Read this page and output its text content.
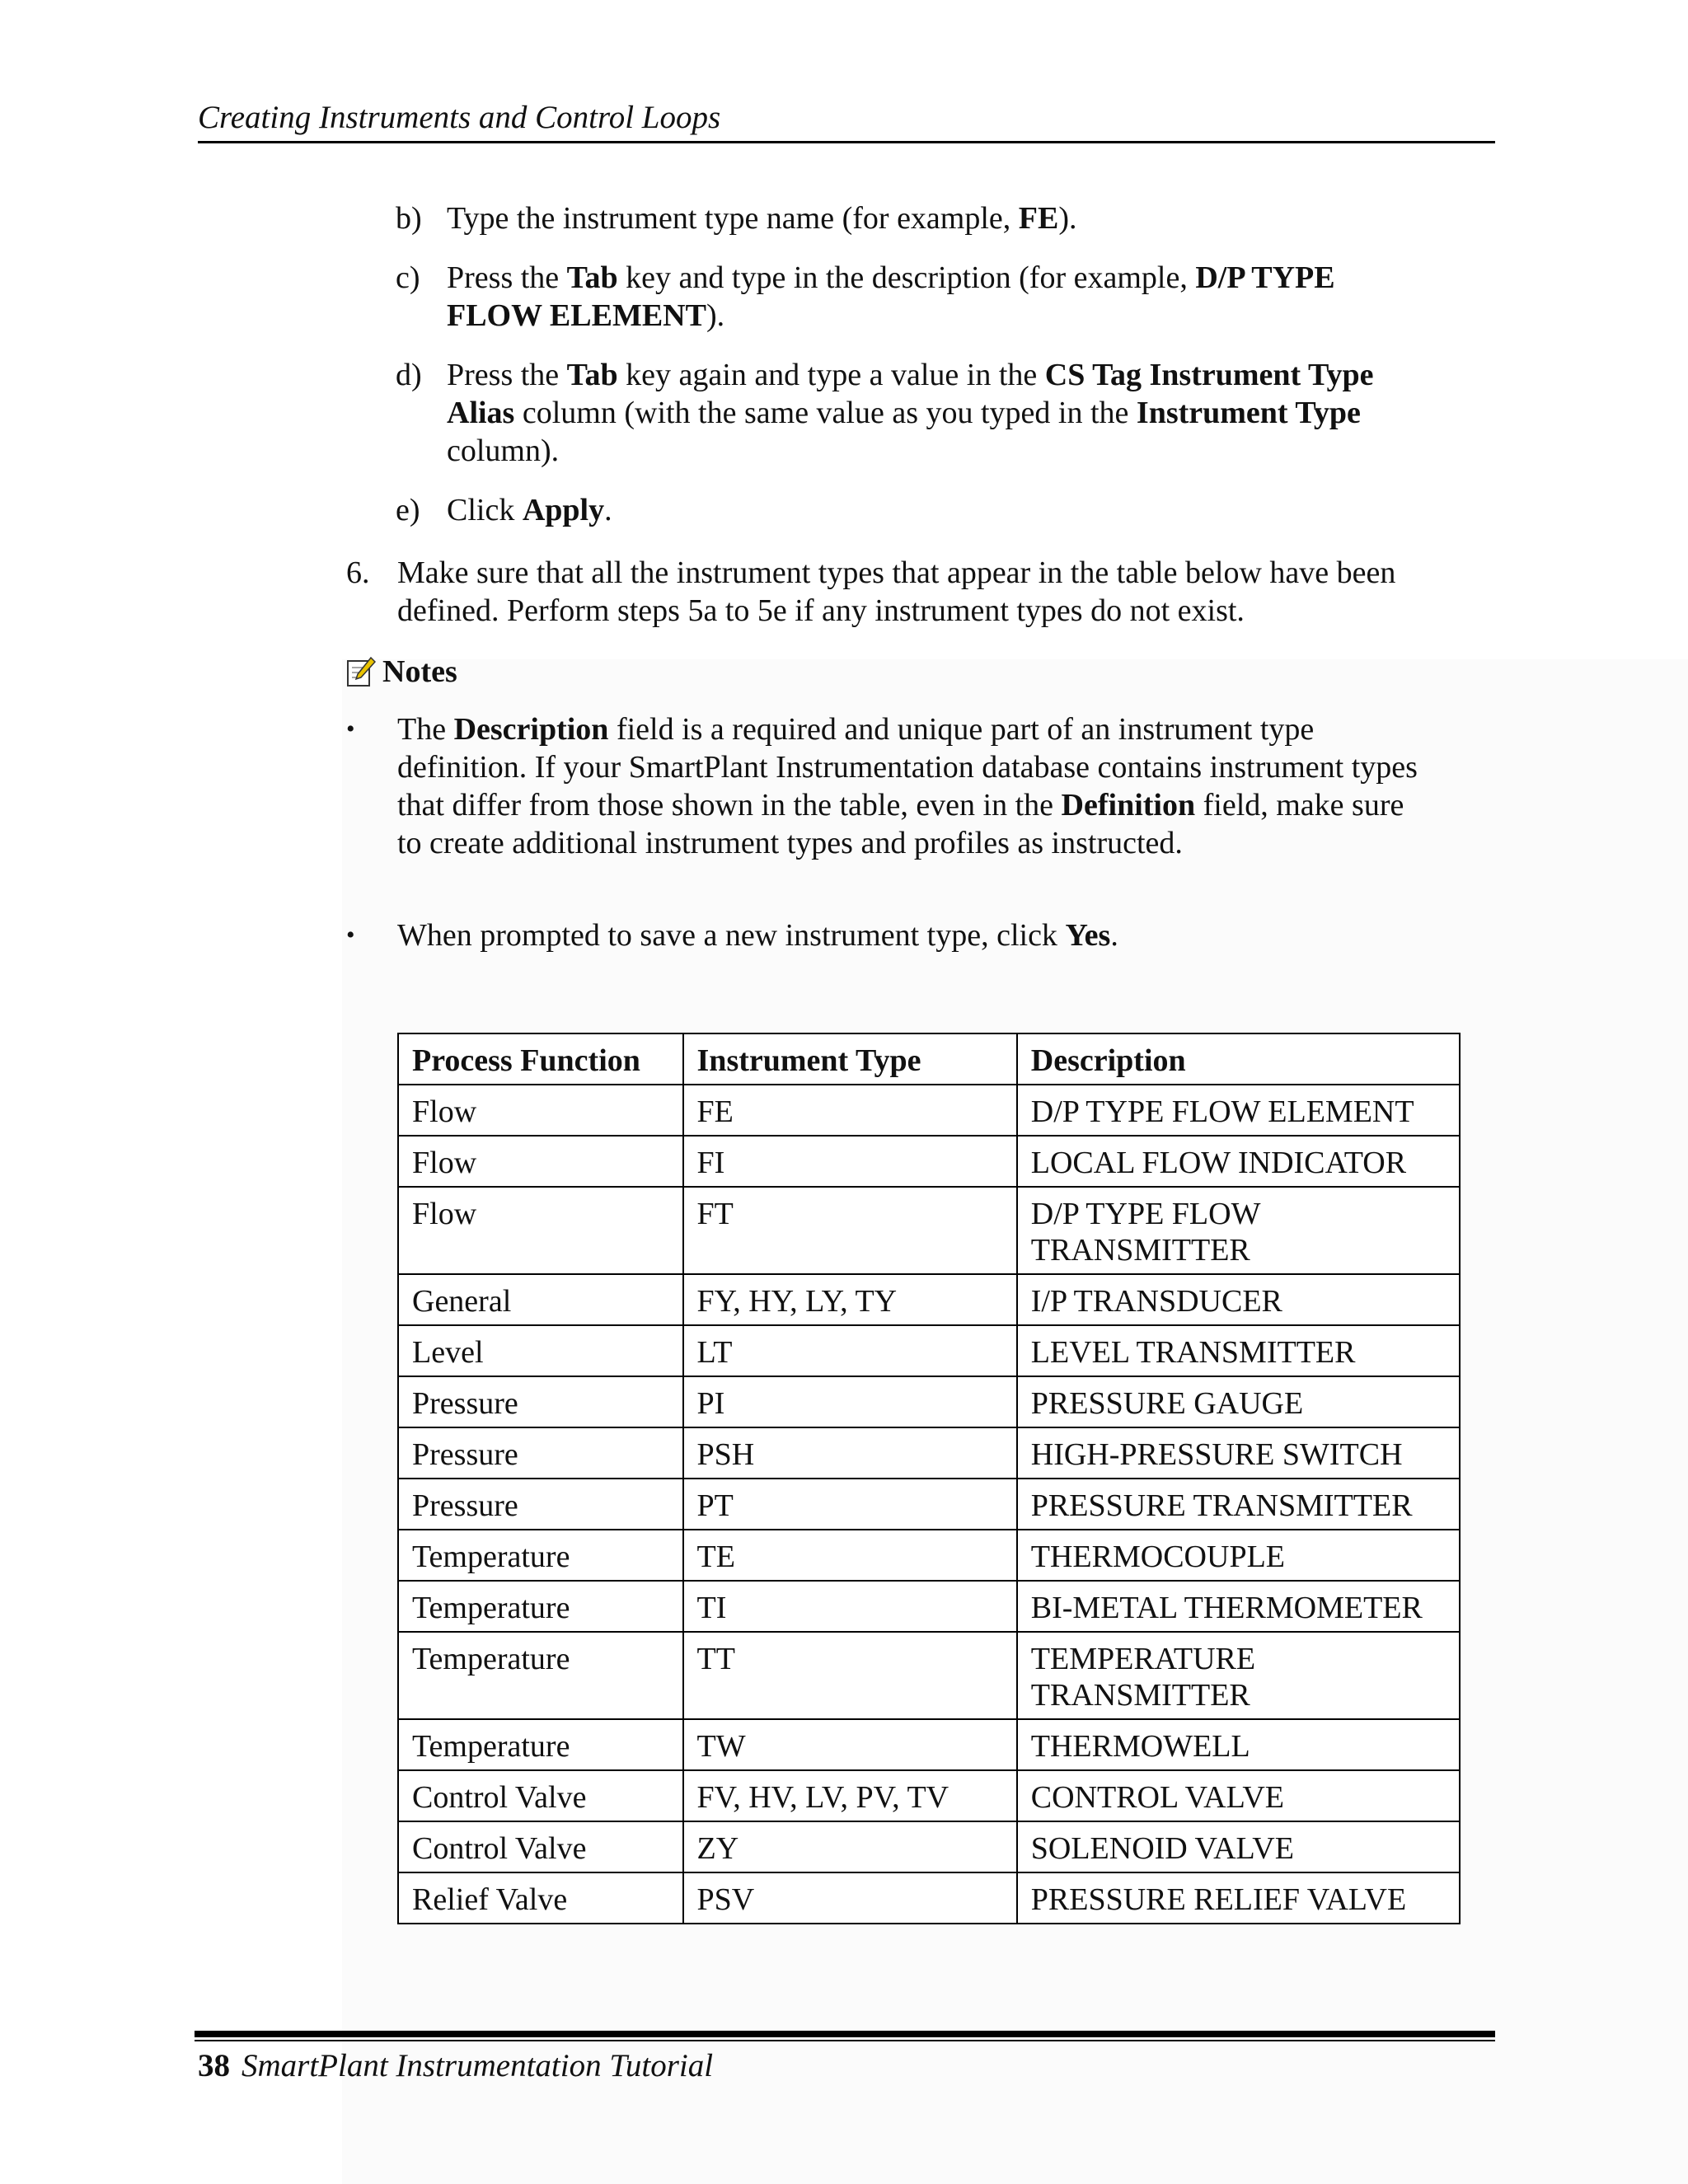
Creating Instruments and Control Loops
b) Type the instrument type name (for example, FE).
c) Press the Tab key and type in the description (for example, D/P TYPE FLOW ELEMENT).
d) Press the Tab key again and type a value in the CS Tag Instrument Type Alias column (with the same value as you typed in the Instrument Type column).
e) Click Apply.
6. Make sure that all the instrument types that appear in the table below have been defined. Perform steps 5a to 5e if any instrument types do not exist.
Notes
• The Description field is a required and unique part of an instrument type definition. If your SmartPlant Instrumentation database contains instrument types that differ from those shown in the table, even in the Definition field, make sure to create additional instrument types and profiles as instructed.
• When prompted to save a new instrument type, click Yes.
Process Function	Instrument Type	Description
Flow	FE	D/P TYPE FLOW ELEMENT
Flow	FI	LOCAL FLOW INDICATOR
Flow	FT	D/P TYPE FLOW TRANSMITTER
General	FY, HY, LY, TY	I/P TRANSDUCER
Level	LT	LEVEL TRANSMITTER
Pressure	PI	PRESSURE GAUGE
Pressure	PSH	HIGH-PRESSURE SWITCH
Pressure	PT	PRESSURE TRANSMITTER
Temperature	TE	THERMOCOUPLE
Temperature	TI	BI-METAL THERMOMETER
Temperature	TT	TEMPERATURE TRANSMITTER
Temperature	TW	THERMOWELL
Control Valve	FV, HV, LV, PV, TV	CONTROL VALVE
Control Valve	ZY	SOLENOID VALVE
Relief Valve	PSV	PRESSURE RELIEF VALVE
38 SmartPlant Instrumentation Tutorial
